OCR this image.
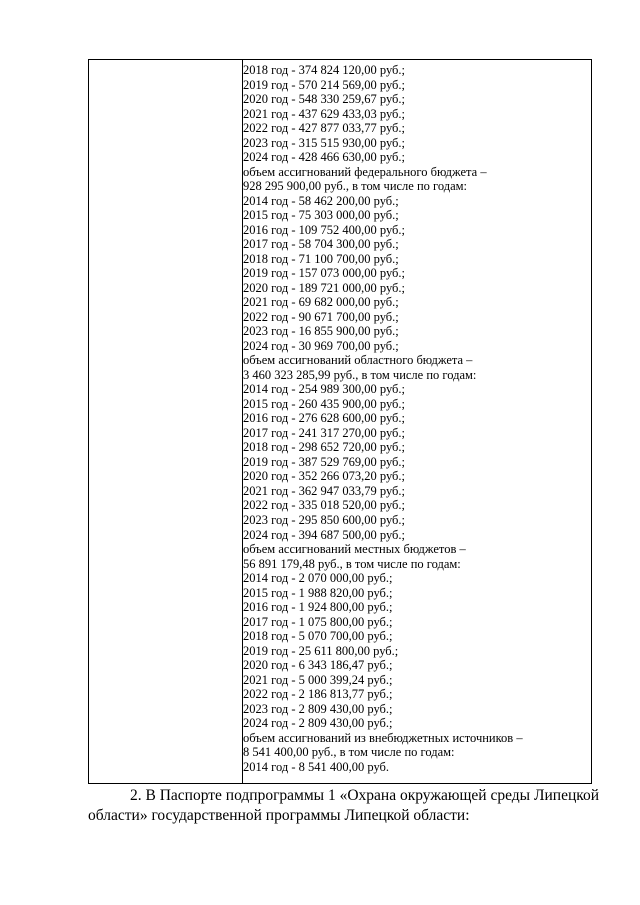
2018 год - 374 824 120,00 руб.;
2019 год - 570 214 569,00 руб.;
2020 год - 548 330 259,67 руб.;
2021 год - 437 629 433,03 руб.;
2022 год - 427 877 033,77 руб.;
2023 год - 315 515 930,00 руб.;
2024 год - 428 466 630,00 руб.;
объем ассигнований федерального бюджета –
928 295 900,00 руб., в том числе по годам:
2014 год - 58 462 200,00 руб.;
2015 год - 75 303 000,00 руб.;
2016 год - 109 752 400,00 руб.;
2017 год - 58 704 300,00 руб.;
2018 год - 71 100 700,00 руб.;
2019 год - 157 073 000,00 руб.;
2020 год - 189 721 000,00 руб.;
2021 год - 69 682 000,00 руб.;
2022 год - 90 671 700,00 руб.;
2023 год - 16 855 900,00 руб.;
2024 год - 30 969 700,00 руб.;
объем ассигнований областного бюджета –
3 460 323 285,99 руб., в том числе по годам:
2014 год - 254 989 300,00 руб.;
2015 год - 260 435 900,00 руб.;
2016 год - 276 628 600,00 руб.;
2017 год - 241 317 270,00 руб.;
2018 год - 298 652 720,00 руб.;
2019 год - 387 529 769,00 руб.;
2020 год - 352 266 073,20 руб.;
2021 год - 362 947 033,79 руб.;
2022 год - 335 018 520,00 руб.;
2023 год - 295 850 600,00 руб.;
2024 год - 394 687 500,00 руб.;
объем ассигнований местных бюджетов –
56 891 179,48 руб., в том числе по годам:
2014 год - 2 070 000,00 руб.;
2015 год - 1 988 820,00 руб.;
2016 год - 1 924 800,00 руб.;
2017 год - 1 075 800,00 руб.;
2018 год - 5 070 700,00 руб.;
2019 год - 25 611 800,00 руб.;
2020 год - 6 343 186,47 руб.;
2021 год - 5 000 399,24 руб.;
2022 год - 2 186 813,77 руб.;
2023 год - 2 809 430,00 руб.;
2024 год - 2 809 430,00 руб.;
объем ассигнований из внебюджетных источников –
8 541 400,00 руб., в том числе по годам:
2014 год - 8 541 400,00 руб.
2. В Паспорте подпрограммы 1 «Охрана окружающей среды Липецкой
области» государственной программы Липецкой области:
